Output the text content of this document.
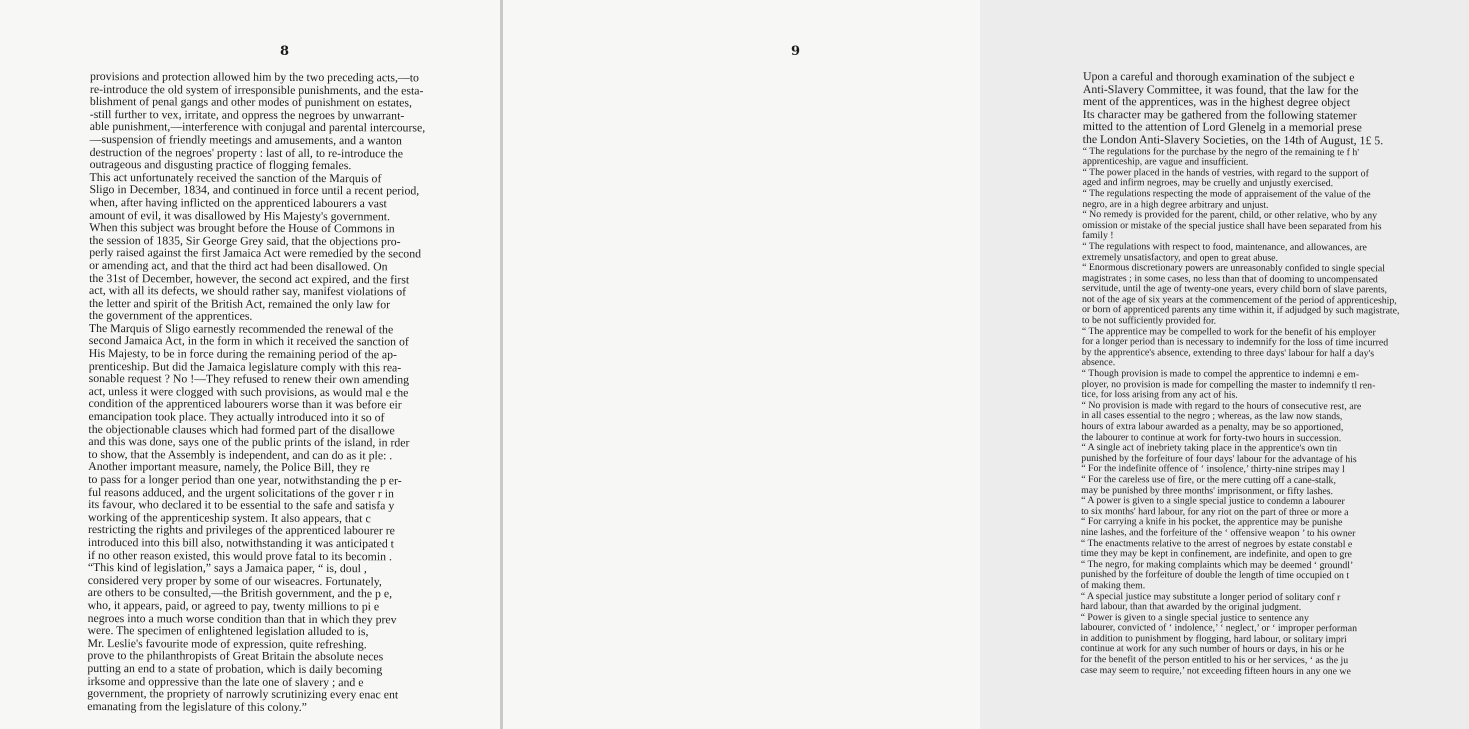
8
provisions and protection allowed him by the two preceding acts,—to
re-introduce the old system of irresponsible punishments, and the esta-
blishment of penal gangs and other modes of punishment on estates,
-still further to vex, irritate, and oppress the negroes by unwarrant-
able punishment,—interference with conjugal and parental intercourse,
—suspension of friendly meetings and amusements, and a wanton
destruction of the negroes' property : last of all, to re-introduce the
outrageous and disgusting practice of flogging females.
This act unfortunately received the sanction of the Marquis of
Sligo in December, 1834, and continued in force until a recent period,
when, after having inflicted on the apprenticed labourers a vast
amount of evil, it was disallowed by His Majesty's government.
When this subject was brought before the House of Commons in
the session of 1835, Sir George Grey said, that the objections pro-
perly raised against the first Jamaica Act were remedied by the second
or amending act, and that the third act had been disallowed. On
the 31st of December, however, the second act expired, and the first
act, with all its defects, we should rather say, manifest violations of
the letter and spirit of the British Act, remained the only law for
the government of the apprentices.
The Marquis of Sligo earnestly recommended the renewal of the
second Jamaica Act, in the form in which it received the sanction of
His Majesty, to be in force during the remaining period of the ap-
prenticeship. But did the Jamaica legislature comply with this rea-
sonable request ? No !—They refused to renew their own amending
act, unless it were clogged with such provisions, as would mal e the
condition of the apprenticed labourers worse than it was before eir
emancipation took place. They actually introduced into it so of
the objectionable clauses which had formed part of the disallowe
and this was done, says one of the public prints of the island, in rder
to show, that the Assembly is independent, and can do as it ple: .
Another important measure, namely, the Police Bill, they re
to pass for a longer period than one year, notwithstanding the p er-
ful reasons adduced, and the urgent solicitations of the gover r in
its favour, who declared it to be essential to the safe and satisfa y
working of the apprenticeship system. It also appears, that c
restricting the rights and privileges of the apprenticed labourer re
introduced into this bill also, notwithstanding it was anticipated t
if no other reason existed, this would prove fatal to its becomin .
“This kind of legislation,” says a Jamaica paper, “ is, doul ,
considered very proper by some of our wiseacres. Fortunately,
are others to be consulted,—the British government, and the p e,
who, it appears, paid, or agreed to pay, twenty millions to pi e
negroes into a much worse condition than that in which they prev
were. The specimen of enlightened legislation alluded to is,
Mr. Leslie's favourite mode of expression, quite refreshing.
prove to the philanthropists of Great Britain the absolute neces
putting an end to a state of probation, which is daily becoming
irksome and oppressive than the late one of slavery ; and e
government, the propriety of narrowly scrutinizing every enac ent
emanating from the legislature of this colony.”
9
Upon a careful and thorough examination of the subject e
Anti-Slavery Committee, it was found, that the law for the
ment of the apprentices, was in the highest degree object
Its character may be gathered from the following statemer
mitted to the attention of Lord Glenelg in a memorial prese
the London Anti-Slavery Societies, on the 14th of August, 1£ 5.
“ The regulations for the purchase by the negro of the remaining te f h'
apprenticeship, are vague and insufficient.
“ The power placed in the hands of vestries, with regard to the support of
aged and infirm negroes, may be cruelly and unjustly exercised.
“ The regulations respecting the mode of appraisement of the value of the
negro, are in a high degree arbitrary and unjust.
“ No remedy is provided for the parent, child, or other relative, who by any
omission or mistake of the special justice shall have been separated from his
family !
“ The regulations with respect to food, maintenance, and allowances, are
extremely unsatisfactory, and open to great abuse.
“ Enormous discretionary powers are unreasonably confided to single special
magistrates ; in some cases, no less than that of dooming to uncompensated
servitude, until the age of twenty-one years, every child born of slave parents,
not of the age of six years at the commencement of the period of apprenticeship,
or born of apprenticed parents any time within it, if adjudged by such magistrate,
to be not sufficiently provided for.
“ The apprentice may be compelled to work for the benefit of his employer
for a longer period than is necessary to indemnify for the loss of time incurred
by the apprentice's absence, extending to three days' labour for half a day's
absence.
“ Though provision is made to compel the apprentice to indemni e em-
ployer, no provision is made for compelling the master to indemnify tl ren-
tice, for loss arising from any act of his.
“ No provision is made with regard to the hours of consecutive rest, are
in all cases essential to the negro ; whereas, as the law now stands,
hours of extra labour awarded as a penalty, may be so apportioned,
the labourer to continue at work for forty-two hours in succession.
“ A single act of inebriety taking place in the apprentice's own tin
punished by the forfeiture of four days' labour for the advantage of his
“ For the indefinite offence of ‘ insolence,’ thirty-nine stripes may l
“ For the careless use of fire, or the mere cutting off a cane-stalk,
may be punished by three months' imprisonment, or fifty lashes.
“ A power is given to a single special justice to condemn a labourer
to six months' hard labour, for any riot on the part of three or more a
“ For carrying a knife in his pocket, the apprentice may be punishe
nine lashes, and the forfeiture of the ‘ offensive weapon ’ to his owner
“ The enactments relative to the arrest of negroes by estate constabl e
time they may be kept in confinement, are indefinite, and open to gre
“ The negro, for making complaints which may be deemed ‘ groundl’
punished by the forfeiture of double the length of time occupied on t
of making them.
“ A special justice may substitute a longer period of solitary conf r
hard labour, than that awarded by the original judgment.
“ Power is given to a single special justice to sentence any
labourer, convicted of ‘ indolence,’ ‘ neglect,’ or ‘ improper performan
in addition to punishment by flogging, hard labour, or solitary impri
continue at work for any such number of hours or days, in his or he
for the benefit of the person entitled to his or her services, ‘ as the ju
case may seem to require,’ not exceeding fifteen hours in any one we
